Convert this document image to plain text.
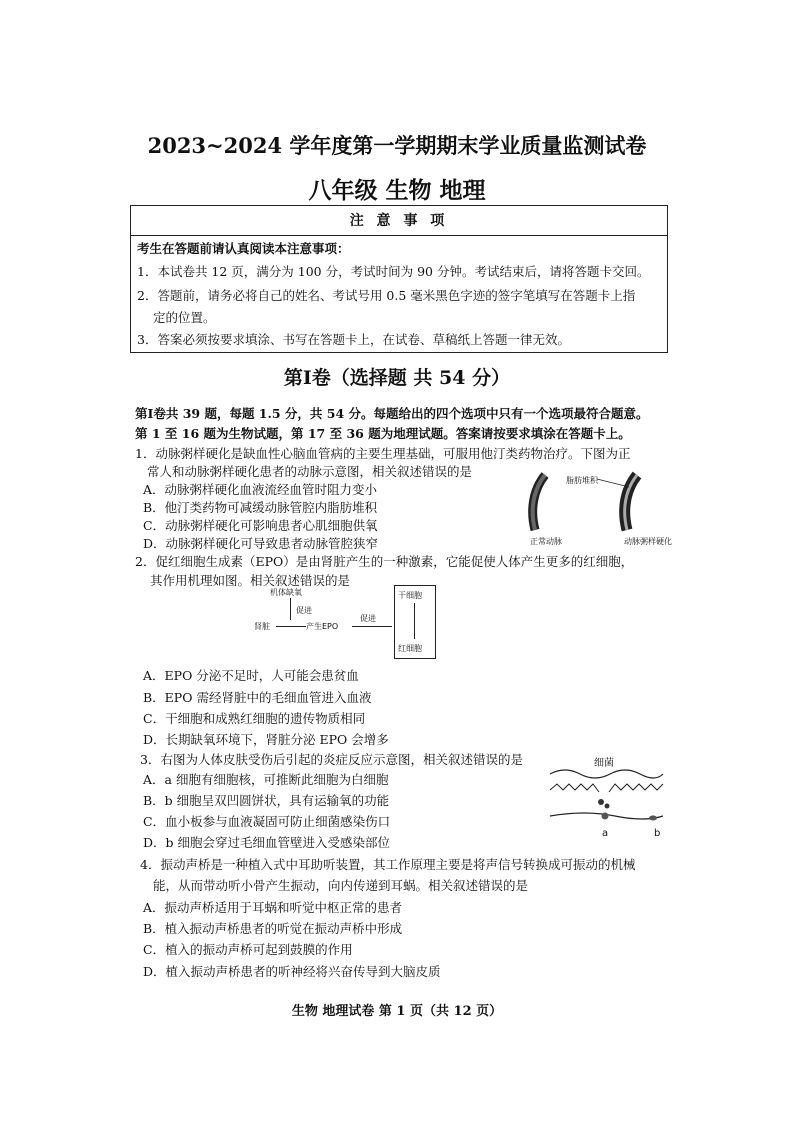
2023~2024 学年度第一学期期末学业质量监测试卷
八年级 生物 地理
注 意 事 项
考生在答题前请认真阅读本注意事项：
1．本试卷共 12 页，满分为 100 分，考试时间为 90 分钟。考试结束后，请将答题卡交回。
2．答题前，请务必将自己的姓名、考试号用 0.5 毫米黑色字迹的签字笔填写在答题卡上指
定的位置。
3．答案必须按要求填涂、书写在答题卡上，在试卷、草稿纸上答题一律无效。
第Ⅰ卷（选择题 共 54 分）
第Ⅰ卷共 39 题，每题 1.5 分，共 54 分。每题给出的四个选项中只有一个选项最符合题意。
第 1 至 16 题为生物试题，第 17 至 36 题为地理试题。答案请按要求填涂在答题卡上。
1．动脉粥样硬化是缺血性心脑血管病的主要生理基础，可服用他汀类药物治疗。下图为正
常人和动脉粥样硬化患者的动脉示意图，相关叙述错误的是
A．动脉粥样硬化血液流经血管时阻力变小
B．他汀类药物可减缓动脉管腔内脂肪堆积
C．动脉粥样硬化可影响患者心肌细胞供氧
D．动脉粥样硬化可导致患者动脉管腔狭窄
脂肪堆积
正常动脉	动脉粥样硬化
2．促红细胞生成素（EPO）是由肾脏产生的一种激素，它能促使人体产生更多的红细胞，
其作用机理如图。相关叙述错误的是
机体缺氧
促进
肾脏	产生EPO
促进
干细胞
红细胞
A．EPO 分泌不足时，人可能会患贫血
B．EPO 需经肾脏中的毛细血管进入血液
C．干细胞和成熟红细胞的遗传物质相同
D．长期缺氧环境下，肾脏分泌 EPO 会增多
3．右图为人体皮肤受伤后引起的炎症反应示意图，相关叙述错误的是
A．a 细胞有细胞核，可推断此细胞为白细胞
B．b 细胞呈双凹圆饼状，具有运输氧的功能
C．血小板参与血液凝固可防止细菌感染伤口
D．b 细胞会穿过毛细血管壁进入受感染部位
细菌
a	b
4．振动声桥是一种植入式中耳助听装置，其工作原理主要是将声信号转换成可振动的机械
能，从而带动听小骨产生振动，向内传递到耳蜗。相关叙述错误的是
A．振动声桥适用于耳蜗和听觉中枢正常的患者
B．植入振动声桥患者的听觉在振动声桥中形成
C．植入的振动声桥可起到鼓膜的作用
D．植入振动声桥患者的听神经将兴奋传导到大脑皮质
生物 地理试卷 第 1 页（共 12 页）
